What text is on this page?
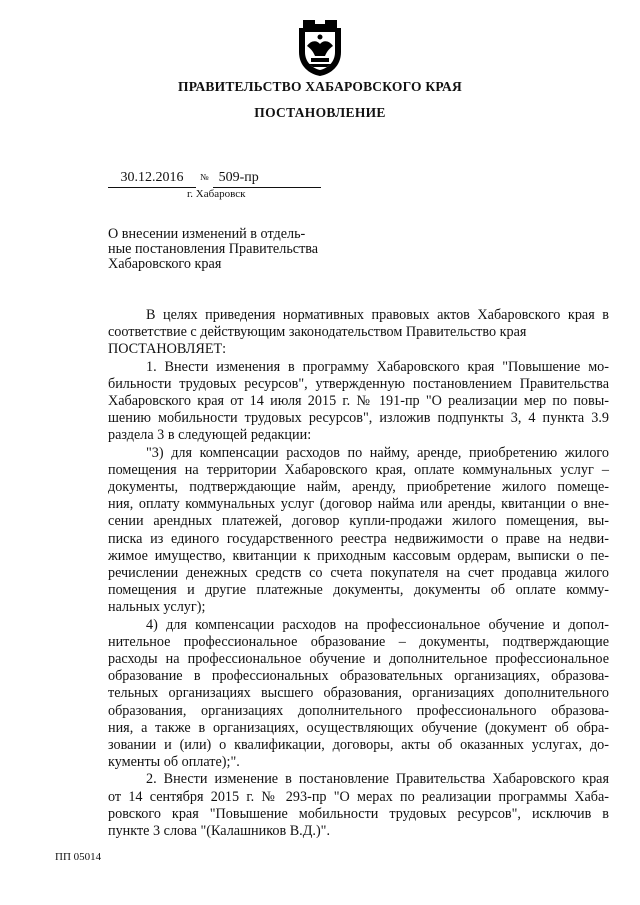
ПРАВИТЕЛЬСТВО ХАБАРОВСКОГО КРАЯ
ПОСТАНОВЛЕНИЕ
30.12.2016 № 509-пр
г. Хабаровск
О внесении изменений в отдель-
ные постановления Правительства
Хабаровского края
В целях приведения нормативных правовых актов Хабаровского края в
соответствие с действующим законодательством Правительство края
ПОСТАНОВЛЯЕТ:
1. Внести изменения в программу Хабаровского края "Повышение мо-
бильности трудовых ресурсов", утвержденную постановлением Правительства
Хабаровского края от 14 июля 2015 г. № 191-пр "О реализации мер по повы-
шению мобильности трудовых ресурсов", изложив подпункты 3, 4 пункта 3.9
раздела 3 в следующей редакции:
"3) для компенсации расходов по найму, аренде, приобретению жилого
помещения на территории Хабаровского края, оплате коммунальных услуг –
документы, подтверждающие найм, аренду, приобретение жилого помеще-
ния, оплату коммунальных услуг (договор найма или аренды, квитанции о вне-
сении арендных платежей, договор купли-продажи жилого помещения, вы-
писка из единого государственного реестра недвижимости о праве на недви-
жимое имущество, квитанции к приходным кассовым ордерам, выписки о пе-
речислении денежных средств со счета покупателя на счет продавца жилого
помещения и другие платежные документы, документы об оплате комму-
нальных услуг);
4) для компенсации расходов на профессиональное обучение и допол-
нительное профессиональное образование – документы, подтверждающие
расходы на профессиональное обучение и дополнительное профессиональное
образование в профессиональных образовательных организациях, образова-
тельных организациях высшего образования, организациях дополнительного
образования, организациях дополнительного профессионального образова-
ния, а также в организациях, осуществляющих обучение (документ об обра-
зовании и (или) о квалификации, договоры, акты об оказанных услугах, до-
кументы об оплате);".
2. Внести изменение в постановление Правительства Хабаровского края
от 14 сентября 2015 г. № 293-пр "О мерах по реализации программы Хаба-
ровского края "Повышение мобильности трудовых ресурсов", исключив в
пункте 3 слова "(Калашников В.Д.)".
ПП 05014
